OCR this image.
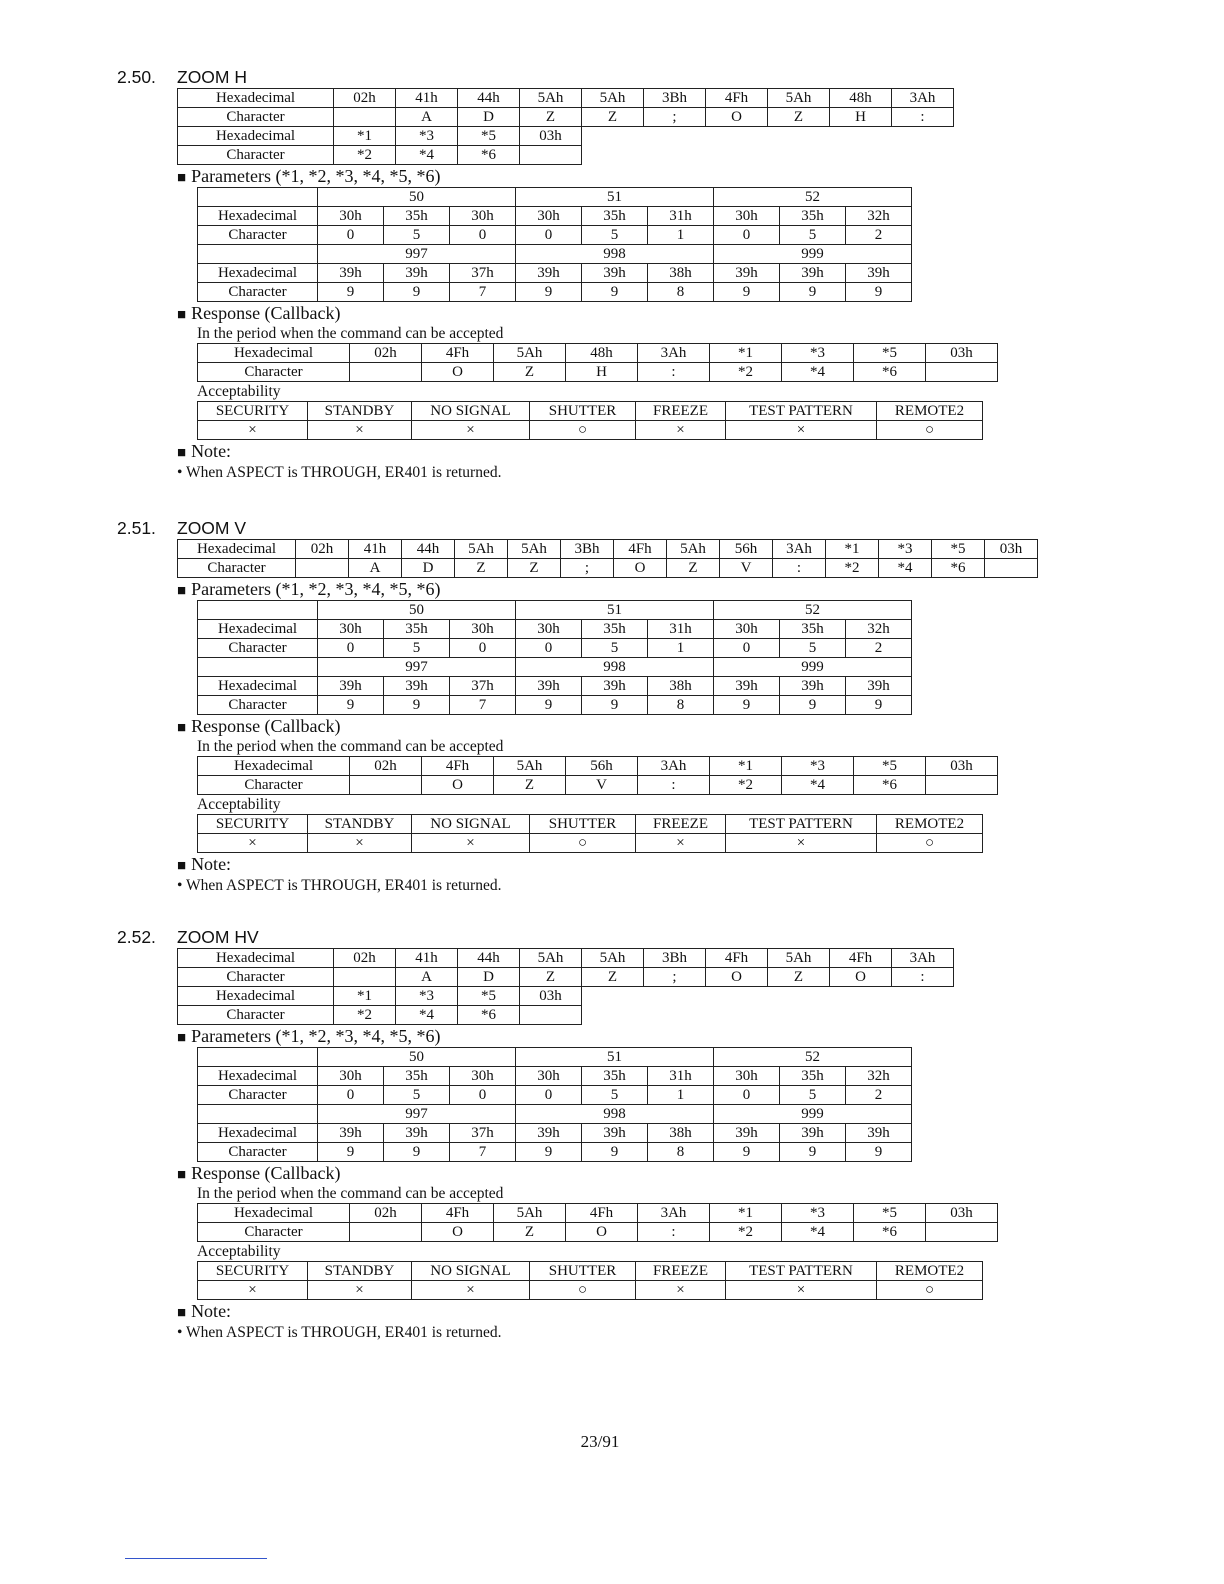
2.50. ZOOM H
Hexadecimal	02h	41h	44h	5Ah	5Ah	3Bh	4Fh	5Ah	48h	3Ah
Character		A	D	Z	Z	;	O	Z	H	:
Hexadecimal	*1	*3	*5	03h						
Character	*2	*4	*6							
■ Parameters (*1, *2, *3, *4, *5, *6)
	50			51			52		
Hexadecimal	30h	35h	30h	30h	35h	31h	30h	35h	32h
Character	0	5	0	0	5	1	0	5	2
	997			998			999		
Hexadecimal	39h	39h	37h	39h	39h	38h	39h	39h	39h
Character	9	9	7	9	9	8	9	9	9
■ Response (Callback)
In the period when the command can be accepted
Hexadecimal	02h	4Fh	5Ah	48h	3Ah	*1	*3	*5	03h
Character		O	Z	H	:	*2	*4	*6	
Acceptability
SECURITY	STANDBY	NO SIGNAL	SHUTTER	FREEZE	TEST PATTERN	REMOTE2
×	×	×	○	×	×	○
■ Note:
• When ASPECT is THROUGH, ER401 is returned.
2.51. ZOOM V
Hexadecimal	02h	41h	44h	5Ah	5Ah	3Bh	4Fh	5Ah	56h	3Ah	*1	*3	*5	03h
Character		A	D	Z	Z	;	O	Z	V	:	*2	*4	*6	
■ Parameters (*1, *2, *3, *4, *5, *6)
	50			51			52		
Hexadecimal	30h	35h	30h	30h	35h	31h	30h	35h	32h
Character	0	5	0	0	5	1	0	5	2
	997			998			999		
Hexadecimal	39h	39h	37h	39h	39h	38h	39h	39h	39h
Character	9	9	7	9	9	8	9	9	9
■ Response (Callback)
In the period when the command can be accepted
Hexadecimal	02h	4Fh	5Ah	56h	3Ah	*1	*3	*5	03h
Character		O	Z	V	:	*2	*4	*6	
Acceptability
SECURITY	STANDBY	NO SIGNAL	SHUTTER	FREEZE	TEST PATTERN	REMOTE2
×	×	×	○	×	×	○
■ Note:
• When ASPECT is THROUGH, ER401 is returned.
2.52. ZOOM HV
Hexadecimal	02h	41h	44h	5Ah	5Ah	3Bh	4Fh	5Ah	4Fh	3Ah
Character		A	D	Z	Z	;	O	Z	O	:
Hexadecimal	*1	*3	*5	03h						
Character	*2	*4	*6							
■ Parameters (*1, *2, *3, *4, *5, *6)
	50			51			52		
Hexadecimal	30h	35h	30h	30h	35h	31h	30h	35h	32h
Character	0	5	0	0	5	1	0	5	2
	997			998			999		
Hexadecimal	39h	39h	37h	39h	39h	38h	39h	39h	39h
Character	9	9	7	9	9	8	9	9	9
■ Response (Callback)
In the period when the command can be accepted
Hexadecimal	02h	4Fh	5Ah	4Fh	3Ah	*1	*3	*5	03h
Character		O	Z	O	:	*2	*4	*6	
Acceptability
SECURITY	STANDBY	NO SIGNAL	SHUTTER	FREEZE	TEST PATTERN	REMOTE2
×	×	×	○	×	×	○
■ Note:
• When ASPECT is THROUGH, ER401 is returned.
23/91
